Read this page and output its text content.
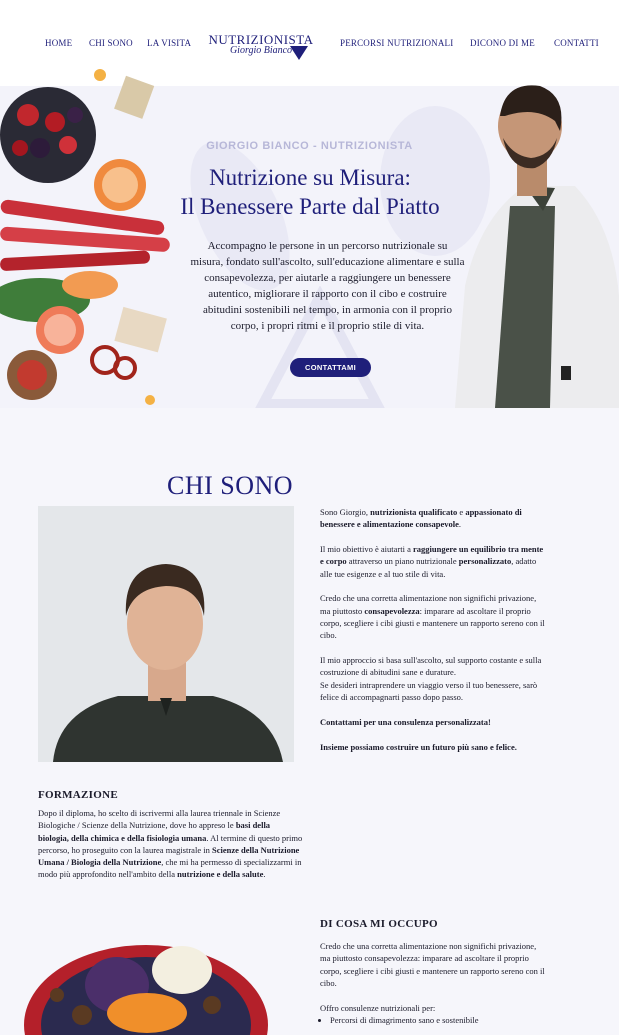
HOME CHI SONO LA VISITA NUTRIZIONISTA
Giorgio Bianco
PERCORSI NUTRIZIONALI DICONO DI ME CONTATTI
GIORGIO BIANCO - NUTRIZIONISTA
Nutrizione su Misura:
Il Benessere Parte dal Piatto
Accompagno le persone in un percorso nutrizionale su misura, fondato sull'ascolto, sull'educazione alimentare e sulla consapevolezza, per aiutarle a raggiungere un benessere autentico, migliorare il rapporto con il cibo e costruire abitudini sostenibili nel tempo, in armonia con il proprio corpo, i propri ritmi e il proprio stile di vita.
CONTATTAMI
CHI SONO

Sono Giorgio, nutrizionista qualificato e appassionato di benessere e alimentazione consapevole.

Il mio obiettivo è aiutarti a raggiungere un equilibrio tra mente e corpo attraverso un piano nutrizionale personalizzato, adatto alle tue esigenze e al tuo stile di vita.

Credo che una corretta alimentazione non significhi privazione, ma piuttosto consapevolezza: imparare ad ascoltare il proprio corpo, scegliere i cibi giusti e mantenere un rapporto sereno con il cibo.

Il mio approccio si basa sull'ascolto, sul supporto costante e sulla costruzione di abitudini sane e durature.
Se desideri intraprendere un viaggio verso il tuo benessere, sarò felice di accompagnarti passo dopo passo.

Contattami per una consulenza personalizzata!

Insieme possiamo costruire un futuro più sano e felice.

FORMAZIONE
Dopo il diploma, ho scelto di iscrivermi alla laurea triennale in Scienze Biologiche / Scienze della Nutrizione, dove ho appreso le basi della biologia, della chimica e della fisiologia umana. Al termine di questo primo percorso, ho proseguito con la laurea magistrale in Scienze della Nutrizione Umana / Biologia della Nutrizione, che mi ha permesso di specializzarmi in modo più approfondito nell'ambito della nutrizione e della salute.
DI COSA MI OCCUPO

Credo che una corretta alimentazione non significhi privazione, ma piuttosto consapevolezza: imparare ad ascoltare il proprio corpo, scegliere i cibi giusti e mantenere un rapporto sereno con il cibo.

Offro consulenze nutrizionali per:
• Percorsi di dimagrimento sano e sostenibile
